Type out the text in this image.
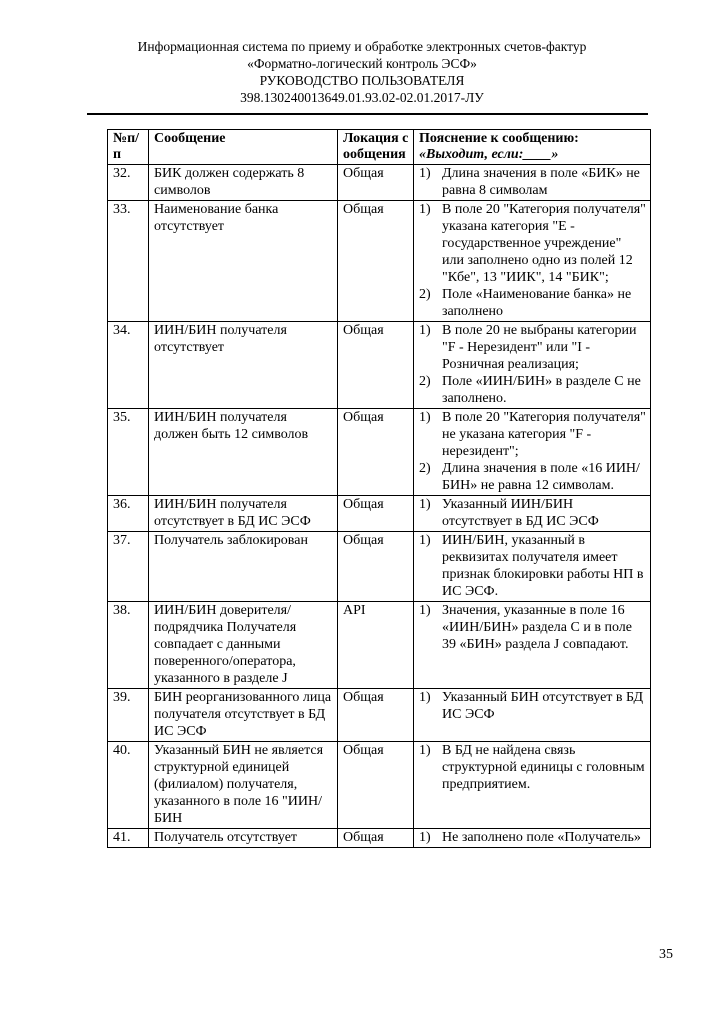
Информационная система по приему и обработке электронных счетов-фактур
«Форматно-логический контроль ЭСФ»
РУКОВОДСТВО ПОЛЬЗОВАТЕЛЯ
398.130240013649.01.93.02-02.01.2017-ЛУ
№п/п	Сообщение	Локация сообщения	Пояснение к сообщению:
«Выходит, если:____»

32.	БИК должен содержать 8 символов	Общая	1) Длина значения в поле «БИК» не равна 8 символам

33.	Наименование банка отсутствует	Общая	1) В поле 20 "Категория получателя" указана категория "Е - государственное учреждение" или заполнено одно из полей 12 "Кбе", 13 "ИИК", 14 "БИК";
2) Поле «Наименование банка» не заполнено

34.	ИИН/БИН получателя отсутствует	Общая	1) В поле 20 не выбраны категории "F - Нерезидент" или "I - Розничная реализация;
2) Поле «ИИН/БИН» в разделе С не заполнено.

35.	ИИН/БИН получателя должен быть 12 символов	Общая	1) В поле 20 "Категория получателя" не указана категория "F - нерезидент";
2) Длина значения в поле «16 ИИН/БИН» не равна 12 символам.

36.	ИИН/БИН получателя отсутствует в БД ИС ЭСФ	Общая	1) Указанный ИИН/БИН отсутствует в БД ИС ЭСФ

37.	Получатель заблокирован	Общая	1) ИИН/БИН, указанный в реквизитах получателя имеет признак блокировки работы НП в ИС ЭСФ.

38.	ИИН/БИН доверителя/подрядчика Получателя совпадает с данными поверенного/оператора, указанного в разделе J	API	1) Значения, указанные в поле 16 «ИИН/БИН» раздела С и в поле 39 «БИН» раздела J совпадают.

39.	БИН реорганизованного лица получателя отсутствует в БД ИС ЭСФ	Общая	1) Указанный БИН отсутствует в БД ИС ЭСФ

40.	Указанный БИН не является структурной единицей (филиалом) получателя, указанного в поле 16 "ИИН/БИН	Общая	1) В БД не найдена связь структурной единицы с головным предприятием.

41.	Получатель отсутствует	Общая	1) Не заполнено поле «Получатель»
35
